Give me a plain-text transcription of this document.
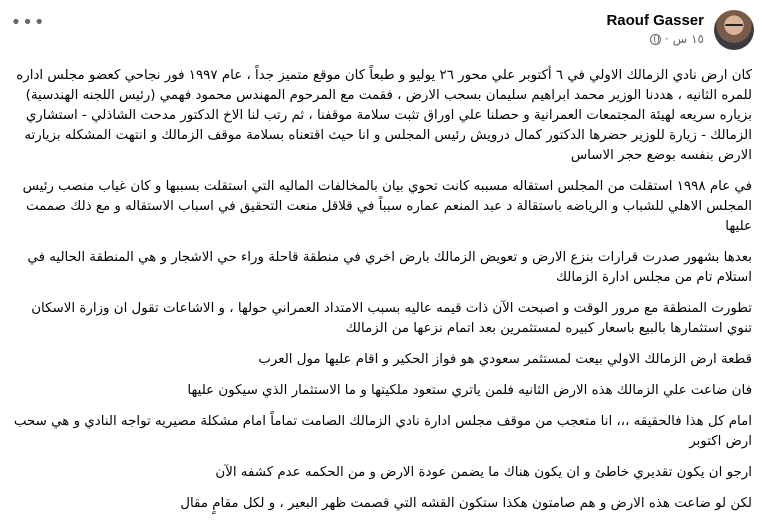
•••	Raouf Gasser
١٥ س
·

كان ارض نادي الزمالك الاولي في ٦ أكتوبر علي محور ٢٦ يوليو و طبعاً كان موقع متميز جداً ، عام ١٩٩٧ فور نجاحي كعضو مجلس اداره للمره الثانيه ، هددنا الوزير محمد ابراهيم سليمان بسحب الارض ، فقمت مع المرحوم المهندس محمود فهمي (رئيس اللجنه الهندسية) بزياره سريعه لهيئة المجتمعات العمرانية و حصلنا علي اوراق تثبت سلامة موقفنا ، ثم رتب لنا الاخ الدكتور مدحت الشاذلي - استشاري الزمالك - زيارة للوزير حضرها الدكتور كمال درويش رئيس المجلس و انا حيث اقتعناه بسلامة موقف الزمالك و انتهت المشكله بزيارته الارض بنفسه بوضع حجر الاساس

في عام ١٩٩٨ استقلت من المجلس استقاله مسببه كانت تحوي بيان بالمخالفات الماليه التي استقلت بسببها و كان غياب منصب رئيس المجلس الاهلي للشباب و الرياضه باستقالة د عبد المنعم عماره سبباً في قلاقل منعت التحقيق في اسباب الاستقاله و مع ذلك صممت عليها

بعدها بشهور صدرت قرارات بنزع الارض و تعويض الزمالك بارض اخري في منطقة قاحلة وراء حي الاشجار و هي المنطقة الحاليه في استلام تام من مجلس ادارة الزمالك

تطورت المنطقة مع مرور الوقت و اصبحت الآن ذات قيمه عاليه بسبب الامتداد العمراني حولها ، و الاشاعات تقول ان وزارة الاسكان تنوي استثمارها بالبيع باسعار كبيره لمستثمرين بعد اتمام نزعها من الزمالك

قطعة ارض الزمالك الاولي بيعت لمستثمر سعودي هو فواز الحكير و اقام عليها مول العرب

فان ضاعت علي الزمالك هذه الارض الثانيه فلمن ياتري ستعود ملكيتها و ما الاستثمار الذي سيكون عليها

امام كل هذا فالحقيقه ،،، انا متعجب من موقف مجلس ادارة نادي الزمالك الصامت تماماً امام مشكلة مصيريه تواجه النادي و هي سحب ارض اكتوبر

ارجو ان يكون تقديري خاطئ و ان يكون هناك ما يضمن عودة الارض و من الحكمه عدم كشفه الآن

لكن لو ضاعت هذه الارض و هم صامتون هكذا ستكون القشه التي قصمت ظهر البعير ، و لكل مقامٍ مقال
